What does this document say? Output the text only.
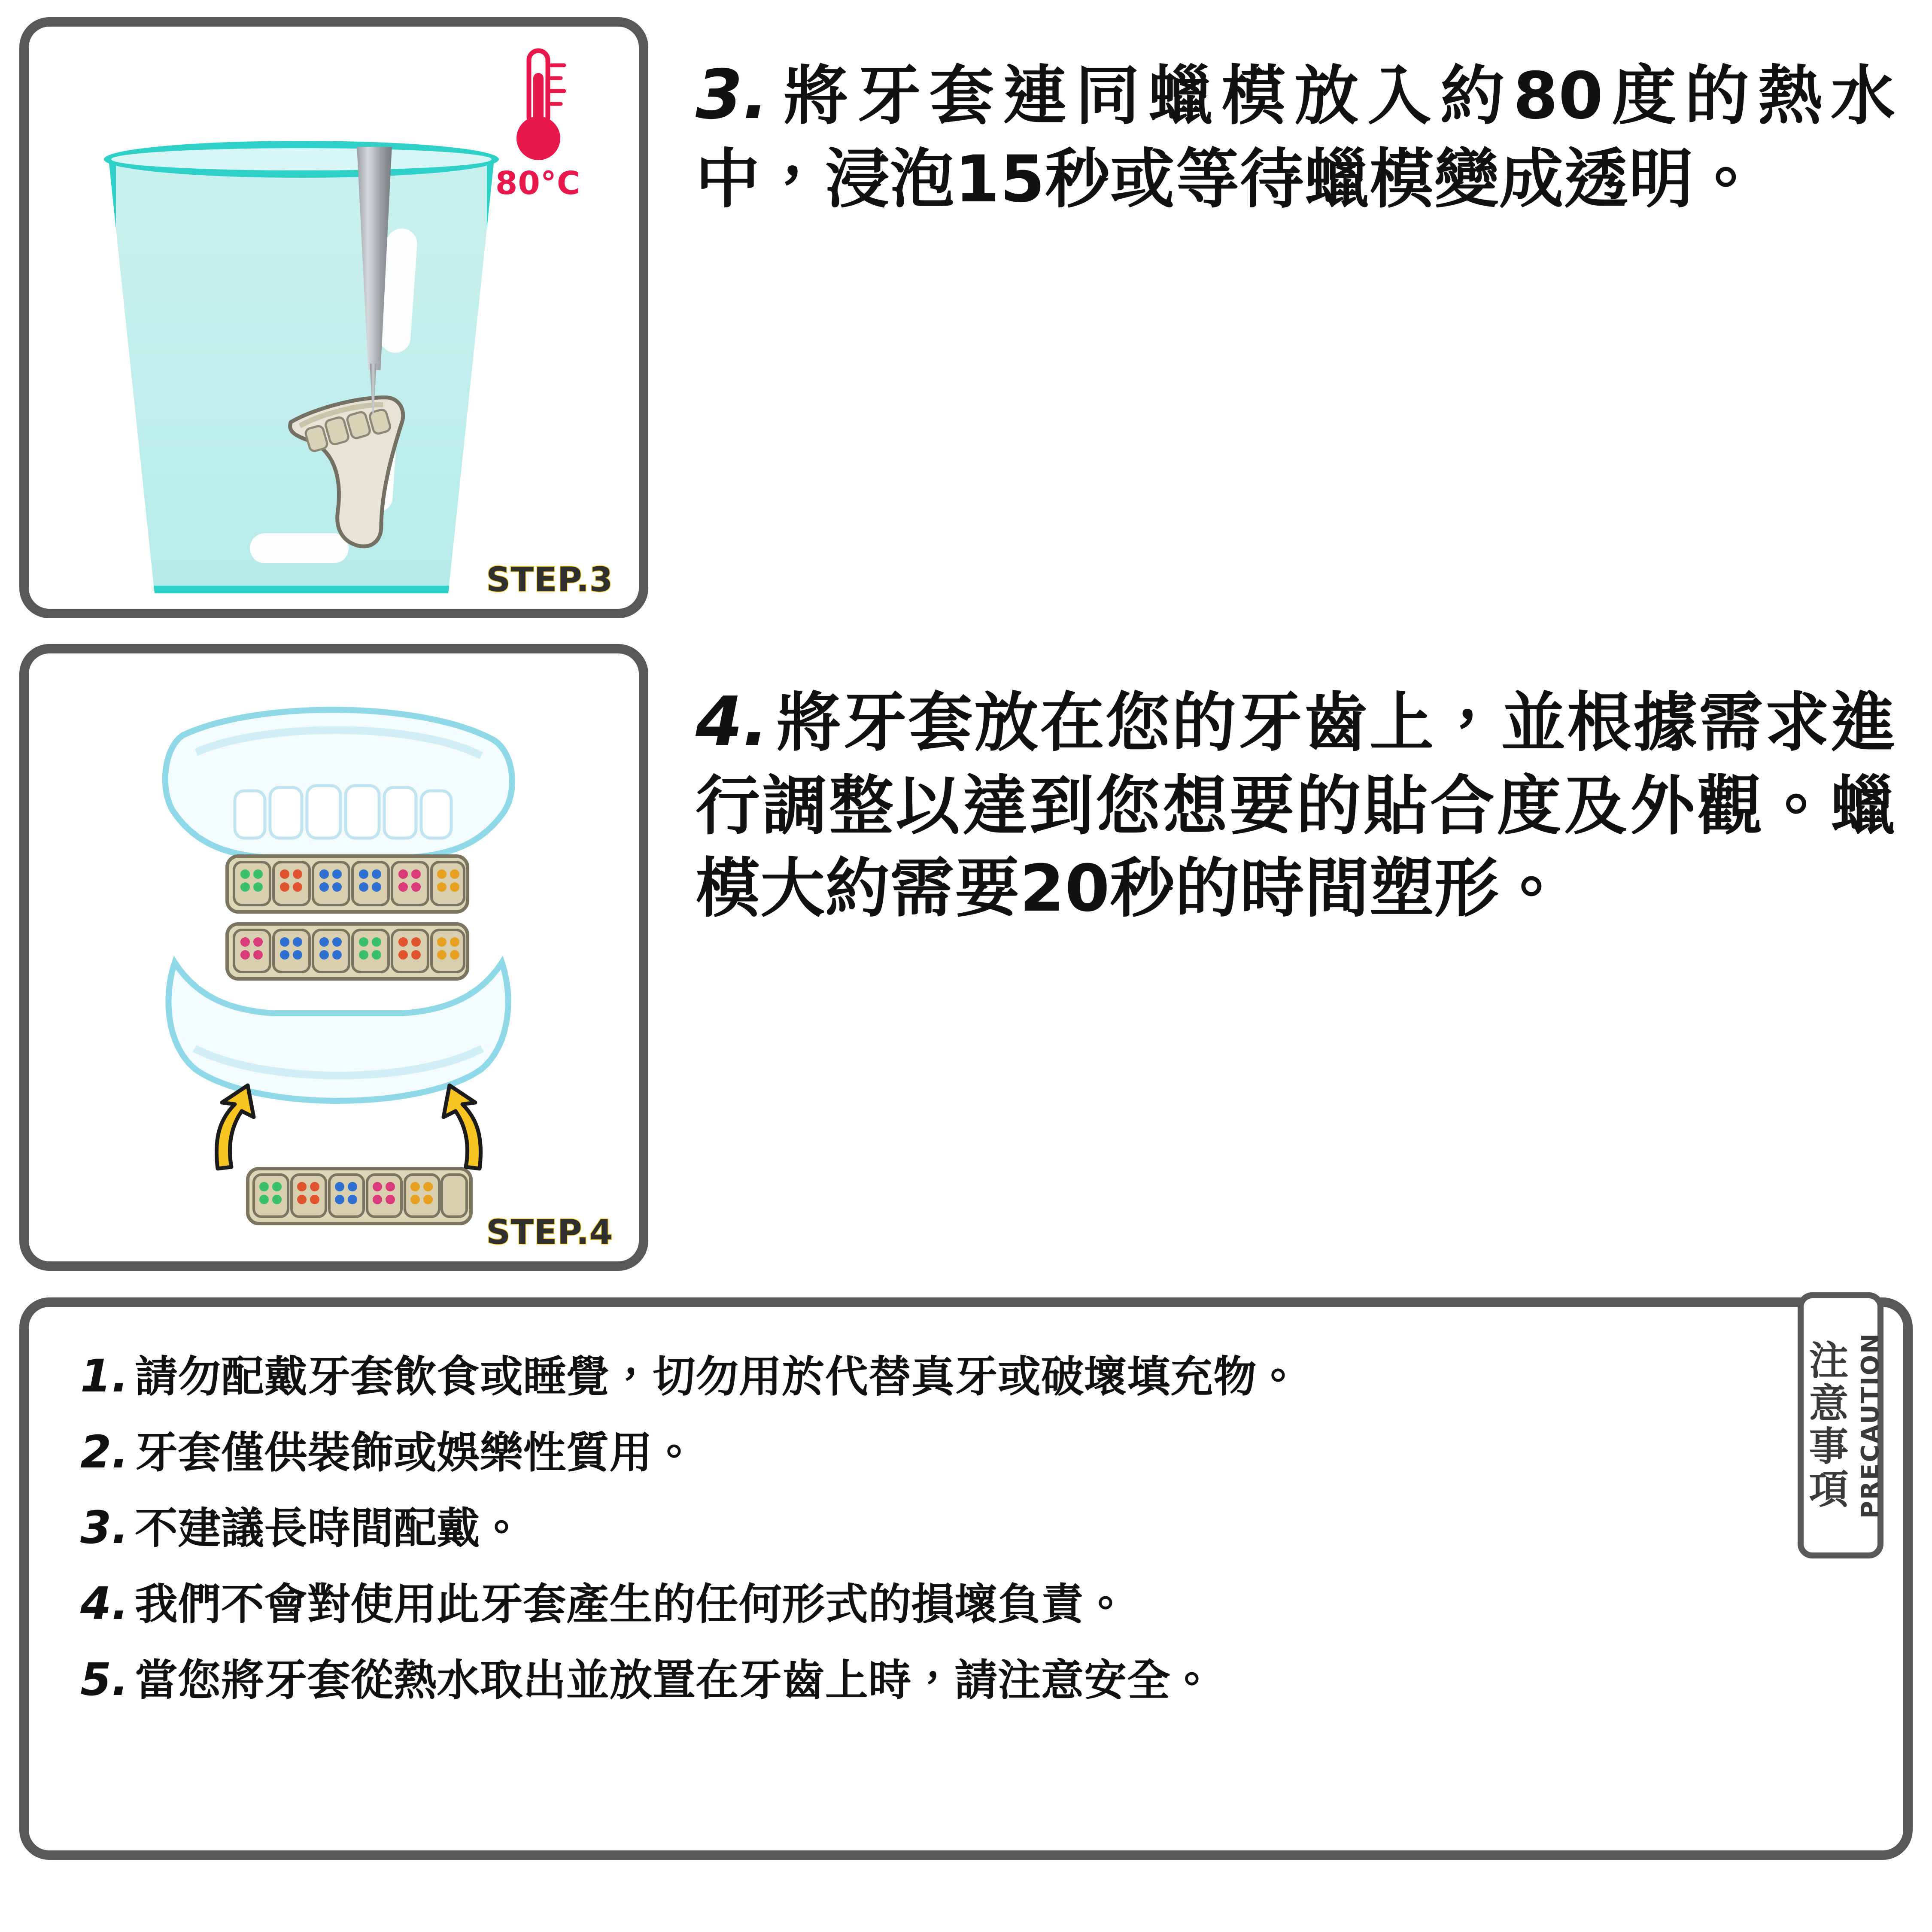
80°C
STEP.3

3. 將牙套連同蠟模放入約80度的熱水中，浸泡15秒或等待蠟模變成透明。

STEP.4

4. 將牙套放在您的牙齒上，並根據需求進行調整以達到您想要的貼合度及外觀。蠟模大約需要20秒的時間塑形。

注意事項 PRECAUTION
1. 請勿配戴牙套飲食或睡覺，切勿用於代替真牙或破壞填充物。
2. 牙套僅供裝飾或娛樂性質用。
3. 不建議長時間配戴。
4. 我們不會對使用此牙套產生的任何形式的損壞負責。
5. 當您將牙套從熱水取出並放置在牙齒上時，請注意安全。
